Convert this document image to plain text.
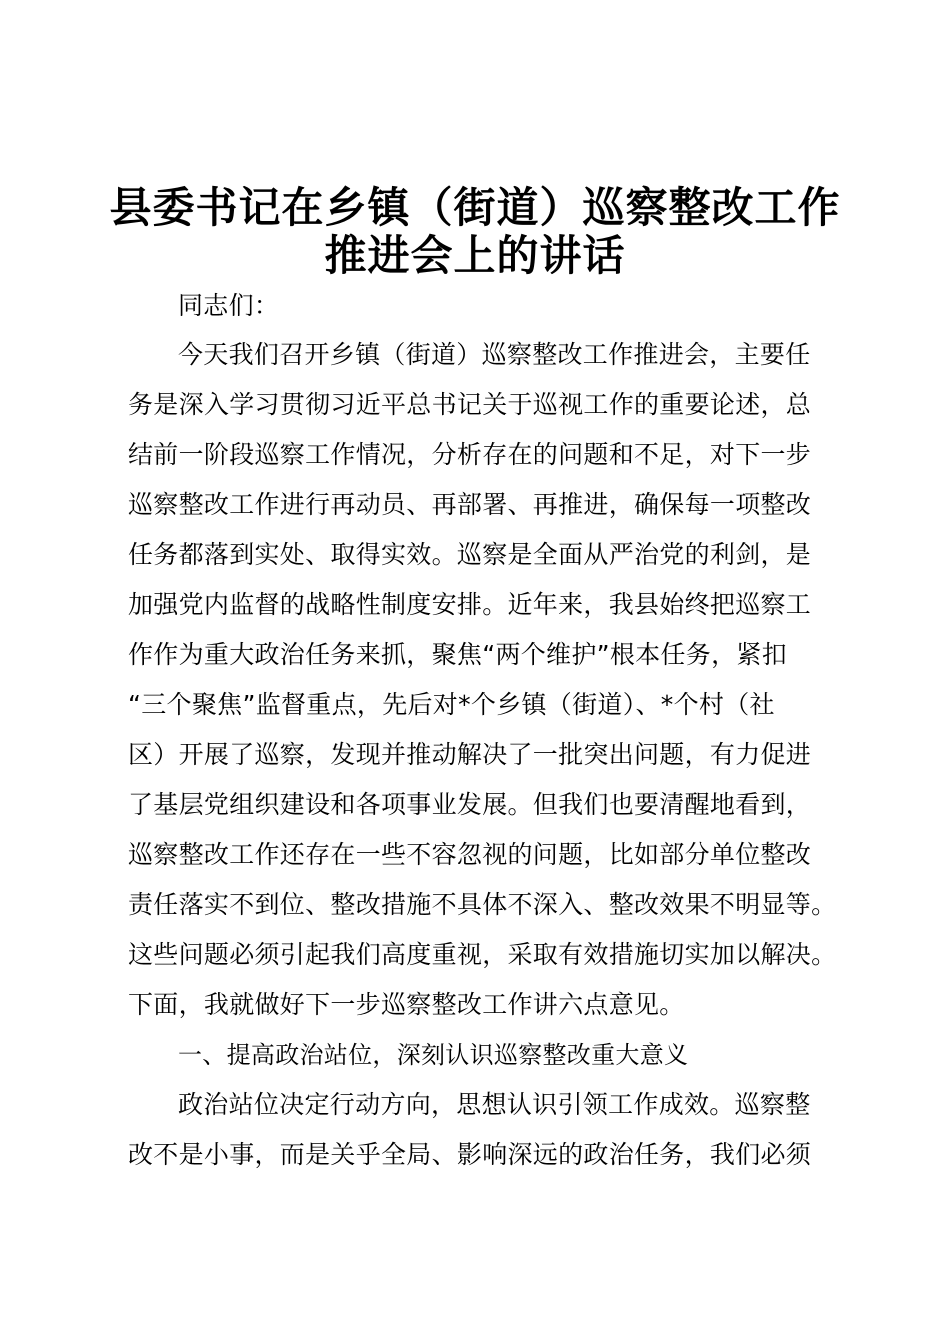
县委书记在乡镇（街道）巡察整改工作
推进会上的讲话
同志们：
今天我们召开乡镇（街道）巡察整改工作推进会，主要任
务是深入学习贯彻习近平总书记关于巡视工作的重要论述，总
结前一阶段巡察工作情况，分析存在的问题和不足，对下一步
巡察整改工作进行再动员、再部署、再推进，确保每一项整改
任务都落到实处、取得实效。巡察是全面从严治党的利剑，是
加强党内监督的战略性制度安排。近年来，我县始终把巡察工
作作为重大政治任务来抓，聚焦“两个维护”根本任务，紧扣
“三个聚焦”监督重点，先后对*个乡镇（街道）、*个村（社
区）开展了巡察，发现并推动解决了一批突出问题，有力促进
了基层党组织建设和各项事业发展。但我们也要清醒地看到，
巡察整改工作还存在一些不容忽视的问题，比如部分单位整改
责任落实不到位、整改措施不具体不深入、整改效果不明显等。
这些问题必须引起我们高度重视，采取有效措施切实加以解决。
下面，我就做好下一步巡察整改工作讲六点意见。
一、提高政治站位，深刻认识巡察整改重大意义
政治站位决定行动方向，思想认识引领工作成效。巡察整
改不是小事，而是关乎全局、影响深远的政治任务，我们必须
